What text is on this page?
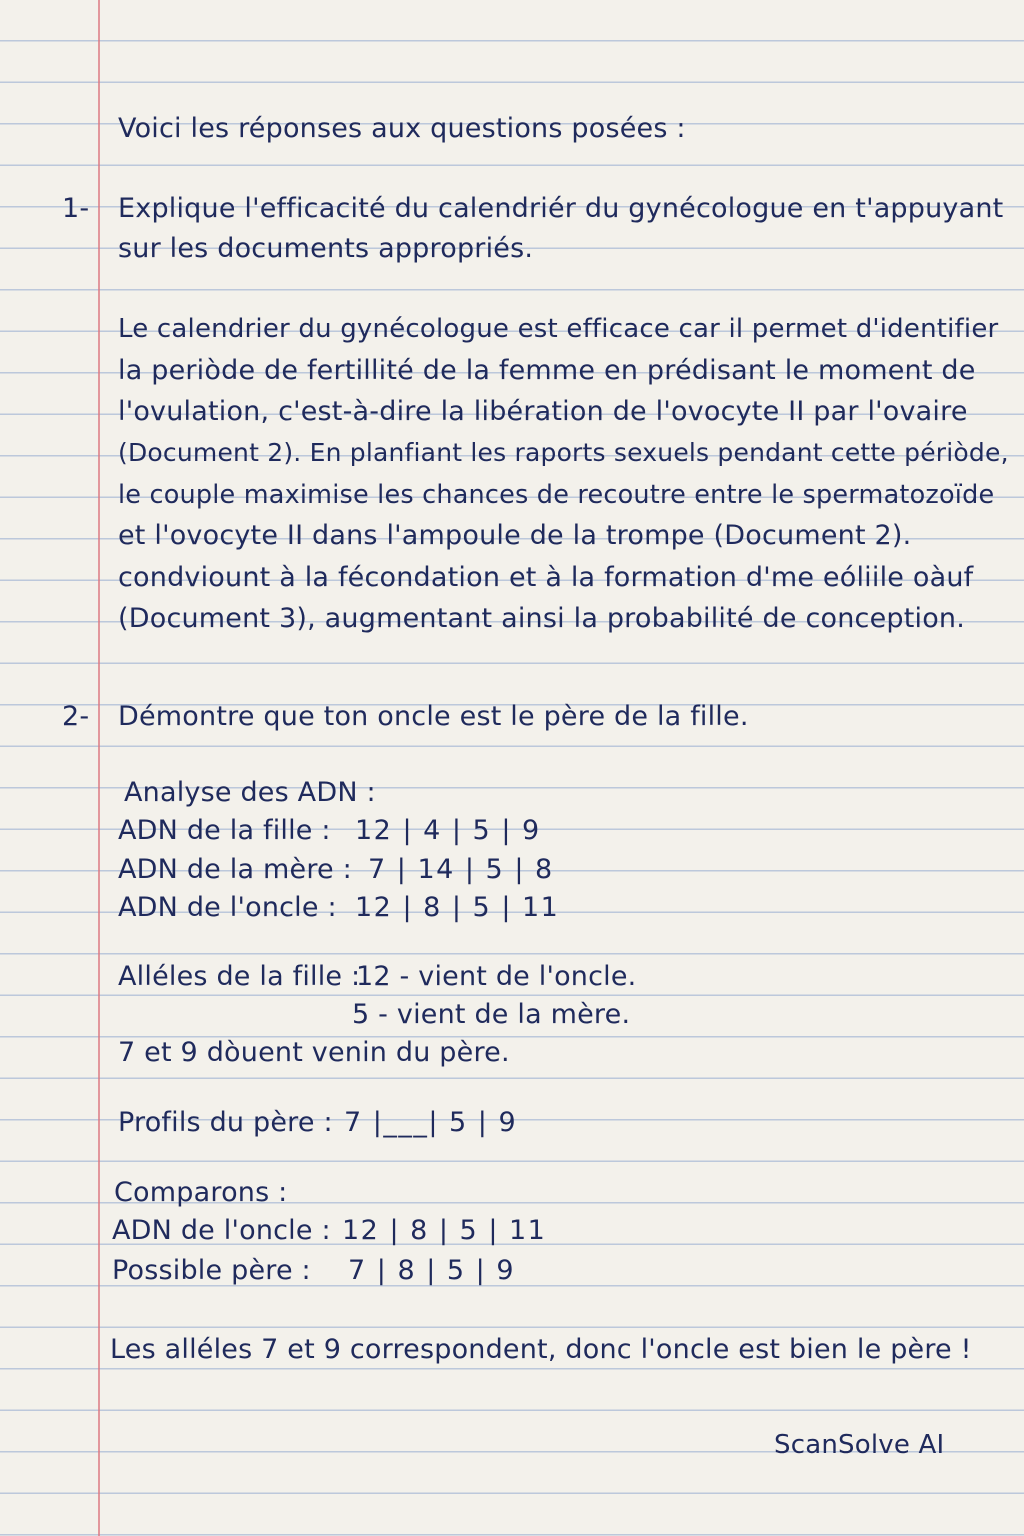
Voici les réponses aux questions posées :

1- Explique l'efficacité du calendriér du gynécologue en t'appuyant

sur les documents appropriés.

Le calendrier du gynécologue est efficace car il permet d'identifier

la periòde de fertillité de la femme en prédisant le moment de

l'ovulation, c'est-à-dire la libération de l'ovocyte II par l'ovaire

(Document 2). En planfiant les raports sexuels pendant cette périòde,

le couple maximise les chances de recoutre entre le spermatozoïde

et l'ovocyte II dans l'ampoule de la trompe (Document 2).

condviount à la fécondation et à la formation d'me eóliile oàuf

(Document 3), augmentant ainsi la probabilité de conception.

2- Démontre que ton oncle est le père de la fille.

Analyse des ADN :

ADN de la fille : 12 | 4 | 5 | 9

ADN de la mère : 7 | 14 | 5 | 8

ADN de l'oncle : 12 | 8 | 5 | 11

Alléles de la fille :

12 - vient de l'oncle.

5 - vient de la mère.

7 et 9 dòuent venin du père.

Profils du père : 7 |___| 5 | 9

Comparons :

ADN de l'oncle : 12 | 8 | 5 | 11

Possible père : 7 | 8 | 5 | 9

Les alléles 7 et 9 correspondent, donc l'oncle est bien le père !

ScanSolve AI
